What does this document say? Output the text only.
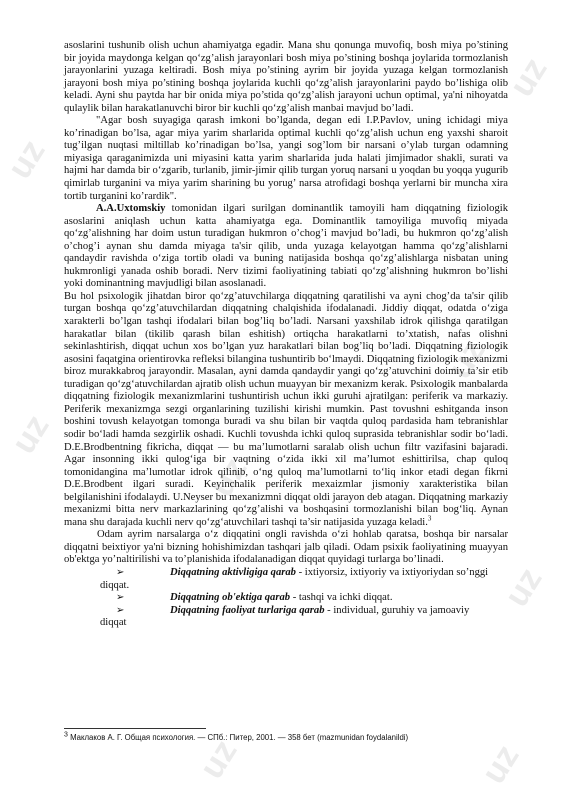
uz
uz
uz
uz
uz
uz
uz	uz

asoslarini tushunib olish uchun ahamiyatga egadir. Mana shu qonunga muvofiq, bosh miya po’stining bir joyida maydonga kelgan qo‘zg’alish jarayonlari bosh miya po’stining boshqa joylarida tormozlanish jarayonlarini yuzaga keltiradi. Bosh miya po’stining ayrim bir joyida yuzaga kelgan tormozlanish jarayoni bosh miya po’stining boshqa joylarida kuchli qo‘zg’alish jarayonlarini paydo bo’lishiga olib keladi. Ayni shu paytda har bir onida miya po’stida qo‘zg’alish jarayoni uchun optimal, ya'ni nihoyatda qulaylik bilan harakatlanuvchi biror bir kuchli qo‘zg’alish manbai mavjud bo’ladi.

"Agar bosh suyagiga qarash imkoni bo’lganda, degan edi I.P.Pavlov, uning ichidagi miya ko’rinadigan bo’lsa, agar miya yarim sharlarida optimal kuchli qo‘zg’alish uchun eng yaxshi sharoit tug’ilgan nuqtasi miltillab ko’rinadigan bo’lsa, yangi sog’lom bir narsani o’ylab turgan odamning miyasiga qaraganimizda uni miyasini katta yarim sharlarida juda halati jimjimador shakli, surati va hajmi har damda bir o‘zgarib, turlanib, jimir-jimir qilib turgan yoruq narsani u yoqdan bu yoqqa yugurib qimirlab turganini va miya yarim sharining bu yorug’ narsa atrofidagi boshqa yerlarni bir muncha xira tortib turganini ko’rardik".

A.A.Uxtomskiy tomonidan ilgari surilgan dominantlik tamoyili ham diqqatning fiziologik asoslarini aniqlash uchun katta ahamiyatga ega. Dominantlik tamoyiliga muvofiq miyada qo‘zg’alishning har doim ustun turadigan hukmron o’chog’i mavjud bo’ladi, bu hukmron qo‘zg’alish o’chog’i aynan shu damda miyaga ta'sir qilib, unda yuzaga kelayotgan hamma qo‘zg’alishlarni qandaydir ravishda o‘ziga tortib oladi va buning natijasida boshqa qo‘zg’alishlarga nisbatan uning hukmronligi yanada oshib boradi. Nerv tizimi faoliyatining tabiati qo‘zg’alishning hukmron bo’lishi yoki dominantning mavjudligi bilan asoslanadi.

Bu hol psixologik jihatdan biror qo‘zg’atuvchilarga diqqatning qaratilishi va ayni chog’da ta'sir qilib turgan boshqa qo‘zg’atuvchilardan diqqatning chalqishida ifodalanadi. Jiddiy diqqat, odatda o‘ziga xarakterli bo’lgan tashqi ifodalari bilan bog’liq bo’ladi. Narsani yaxshilab idrok qilishga qaratilgan harakatlar bilan (tikilib qarash bilan eshitish) ortiqcha harakatlarni to’xtatish, nafas olishni sekinlashtirish, diqqat uchun xos bo’lgan yuz harakatlari bilan bog’liq bo’ladi. Diqqatning fiziologik asosini faqatgina orientirovka refleksi bilangina tushuntirib bo‘lmaydi. Diqqatning fiziologik mexanizmi biroz murakkabroq jarayondir. Masalan, ayni damda qandaydir yangi qo‘zg’atuvchini doimiy ta’sir etib turadigan qo‘zg‘atuvchilardan ajratib olish uchun muayyan bir mexanizm kerak. Psixologik manbalarda diqqatning fiziologik mexanizmlarini tushuntirish uchun ikki guruhi ajratilgan: periferik va markaziy. Periferik mexanizmga sezgi organlarining tuzilishi kirishi mumkin. Past tovushni eshitganda inson boshini tovush kelayotgan tomonga buradi va shu bilan bir vaqtda quloq pardasida ham tebranishlar sodir bo‘ladi hamda sezgirlik oshadi. Kuchli tovushda ichki quloq suprasida tebranishlar sodir bo‘ladi. D.E.Brodbentning fikricha, diqqat — bu ma’lumotlarni saralab olish uchun filtr vazifasini bajaradi. Agar insonning ikki qulog‘iga bir vaqtning o‘zida ikki xil ma’lumot eshittirilsa, chap quloq tomonidangina ma’lumotlar idrok qilinib, o‘ng quloq ma’lumotlarni to‘liq inkor etadi degan fikrni D.E.Brodbent ilgari suradi. Keyinchalik periferik mexaizmlar jismoniy xarakteristika bilan belgilanishini ifodalaydi. U.Neyser bu mexanizmni diqqat oldi jarayon deb atagan. Diqqatning markaziy mexanizmi bitta nerv markazlarining qo‘zg’alishi va boshqasini tormozlanishi bilan bog‘liq. Aynan mana shu darajada kuchli nerv qo‘zg‘atuvchilari tashqi ta’sir natijasida yuzaga keladi.$^3$

Odam ayrim narsalarga o‘z diqqatini ongli ravishda o‘zi hohlab qaratsa, boshqa bir narsalar diqqatni beixtiyor ya'ni bizning hohishimizdan tashqari jalb qiladi. Odam psixik faoliyatining muayyan ob'ektga yo’naltirilishi va to’planishida ifodalanadigan diqqat quyidagi turlarga bo’linadi.

➢	Diqqatning aktivligiga qarab - ixtiyorsiz, ixtiyoriy va ixtiyoriydan so’nggi
diqqat.

➢	Diqqatning ob'ektiga qarab - tashqi va ichki diqqat.

➢	Diqqatning faoliyat turlariga qarab - individual, guruhiy va jamoaviy
diqqat

$^3$ Маклаков А. Г. Общая психология. — СПб.: Питер, 2001. — 358 бет (mazmunidan foydalanildi)
